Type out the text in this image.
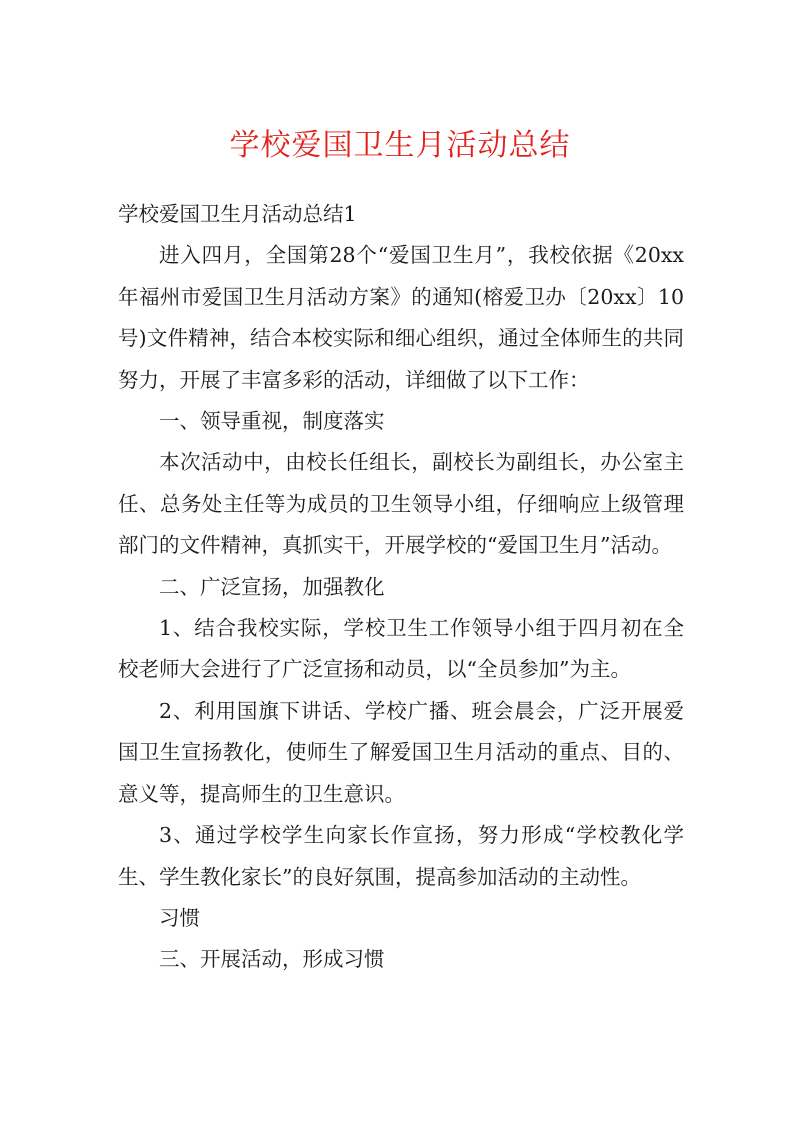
学校爱国卫生月活动总结

学校爱国卫生月活动总结1

进入四月，全国第28个“爱国卫生月”，我校依据《20xx年福州市爱国卫生月活动方案》的通知(榕爱卫办〔20xx〕10号)文件精神，结合本校实际和细心组织，通过全体师生的共同努力，开展了丰富多彩的活动，详细做了以下工作：

一、领导重视，制度落实

本次活动中，由校长任组长，副校长为副组长，办公室主任、总务处主任等为成员的卫生领导小组，仔细响应上级管理部门的文件精神，真抓实干，开展学校的“爱国卫生月”活动。

二、广泛宣扬，加强教化

1、结合我校实际，学校卫生工作领导小组于四月初在全校老师大会进行了广泛宣扬和动员，以“全员参加”为主。

2、利用国旗下讲话、学校广播、班会晨会，广泛开展爱国卫生宣扬教化，使师生了解爱国卫生月活动的重点、目的、意义等，提高师生的卫生意识。

3、通过学校学生向家长作宣扬，努力形成“学校教化学生、学生教化家长”的良好氛围，提高参加活动的主动性。

习惯

三、开展活动，形成习惯
